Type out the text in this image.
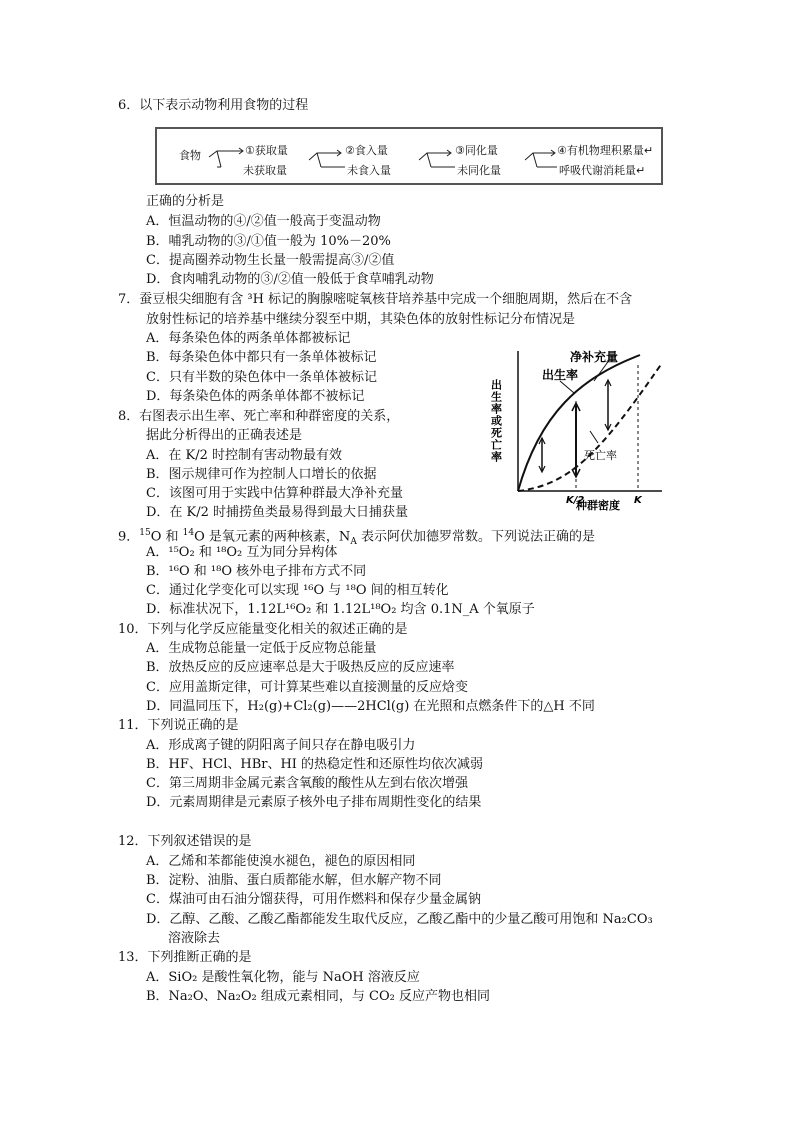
6．以下表示动物利用食物的过程
食物	①获取量
未获取量
②食入量
未食入量
③同化量
未同化量
④有机物理积累量↵
呼吸代谢消耗量↵
正确的分析是
A．恒温动物的④/②值一般高于变温动物
B．哺乳动物的③/①值一般为 10%－20%
C．提高圈养动物生长量一般需提高③/②值
D．食肉哺乳动物的③/②值一般低于食草哺乳动物
7．蚕豆根尖细胞有含 ³H 标记的胸腺嘧啶氧核苷培养基中完成一个细胞周期，然后在不含
放射性标记的培养基中继续分裂至中期，其染色体的放射性标记分布情况是
A．每条染色体的两条单体都被标记
B．每条染色体中都只有一条单体被标记
C．只有半数的染色体中一条单体被标记
D．每条染色体的两条单体都不被标记
8．右图表示出生率、死亡率和种群密度的关系，
据此分析得出的正确表述是
A．在 K/2 时控制有害动物最有效
B．图示规律可作为控制人口增长的依据
C．该图可用于实践中估算种群最大净补充量
D．在 K/2 时捕捞鱼类最易得到最大日捕获量
出生率或死亡率
种群密度
净补充量
出生率
死亡率
K/2	K
9．$^{15}$O 和 $^{14}$O 是氧元素的两种核素，$N_A$ 表示阿伏加德罗常数。下列说法正确的是
A．¹⁵O₂ 和 ¹⁸O₂ 互为同分异构体
B．¹⁶O 和 ¹⁸O 核外电子排布方式不同
C．通过化学变化可以实现 ¹⁶O 与 ¹⁸O 间的相互转化
D．标准状况下，1.12L¹⁶O₂ 和 1.12L¹⁸O₂ 均含 0.1N_A 个氧原子
10．下列与化学反应能量变化相关的叙述正确的是
A．生成物总能量一定低于反应物总能量
B．放热反应的反应速率总是大于吸热反应的反应速率
C．应用盖斯定律，可计算某些难以直接测量的反应焓变
D．同温同压下，H₂(g)+Cl₂(g)——2HCl(g) 在光照和点燃条件下的△H 不同
11．下列说正确的是
A．形成离子键的阴阳离子间只存在静电吸引力
B．HF、HCl、HBr、HI 的热稳定性和还原性均依次减弱
C．第三周期非金属元素含氧酸的酸性从左到右依次增强
D．元素周期律是元素原子核外电子排布周期性变化的结果
12．下列叙述错误的是
A．乙烯和苯都能使溴水褪色，褪色的原因相同
B．淀粉、油脂、蛋白质都能水解，但水解产物不同
C．煤油可由石油分馏获得，可用作燃料和保存少量金属钠
D．乙醇、乙酸、乙酸乙酯都能发生取代反应，乙酸乙酯中的少量乙酸可用饱和 Na₂CO₃
溶液除去
13．下列推断正确的是
A．SiO₂ 是酸性氧化物，能与 NaOH 溶液反应
B．Na₂O、Na₂O₂ 组成元素相同，与 CO₂ 反应产物也相同
